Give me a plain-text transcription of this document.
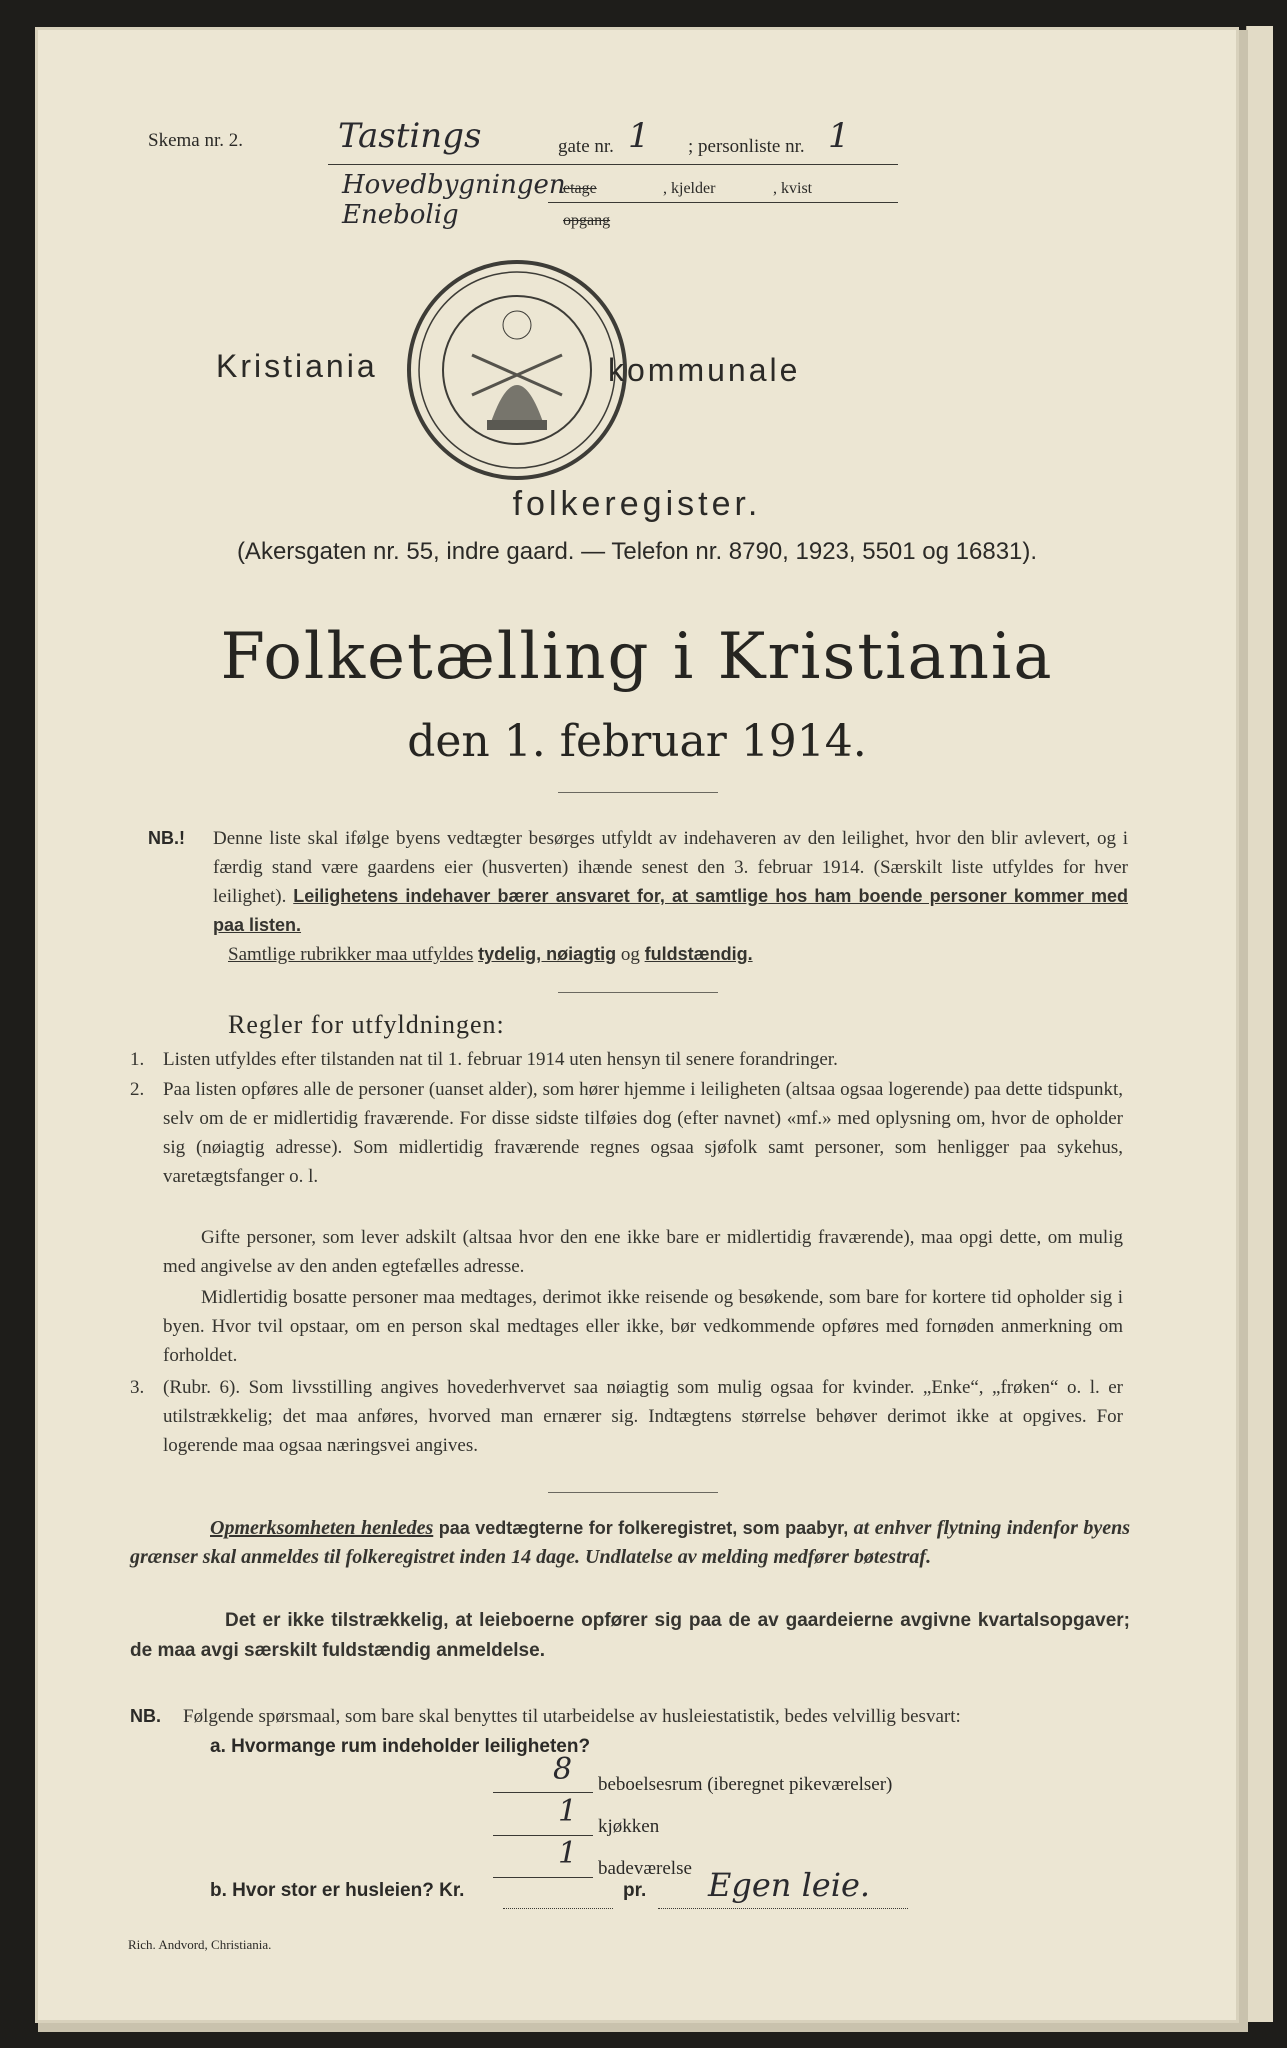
Skema nr. 2.	Tastings	gate nr. 1 ; personliste nr. 1
Hovedbygningen
Enebolig
etage	, kjelder	, kvist
opgang
Kristiania	kommunale
folkeregister.
(Akersgaten nr. 55, indre gaard. — Telefon nr. 8790, 1923, 5501 og 16831).
Folketælling i Kristiania
den 1. februar 1914.
NB.! Denne liste skal ifølge byens vedtægter besørges utfyldt av indehaveren av den leilighet, hvor den blir avlevert, og i færdig stand være gaardens eier (husverten) ihænde senest den 3. februar 1914. (Særskilt liste utfyldes for hver leilighet). Leilighetens indehaver bærer ansvaret for, at samtlige hos ham boende personer kommer med paa listen.
Samtlige rubrikker maa utfyldes tydelig, nøiagtig og fuldstændig.
Regler for utfyldningen:
1. Listen utfyldes efter tilstanden nat til 1. februar 1914 uten hensyn til senere forandringer.
2. Paa listen opføres alle de personer (uanset alder), som hører hjemme i leiligheten (altsaa ogsaa logerende) paa dette tidspunkt, selv om de er midlertidig fraværende. For disse sidste tilføies dog (efter navnet) «mf.» med oplysning om, hvor de opholder sig (nøiagtig adresse). Som midlertidig fraværende regnes ogsaa sjøfolk samt personer, som henligger paa sykehus, varetægtsfanger o. l.
Gifte personer, som lever adskilt (altsaa hvor den ene ikke bare er midlertidig fraværende), maa opgi dette, om mulig med angivelse av den anden egtefælles adresse.
Midlertidig bosatte personer maa medtages, derimot ikke reisende og besøkende, som bare for kortere tid opholder sig i byen. Hvor tvil opstaar, om en person skal medtages eller ikke, bør vedkommende opføres med fornøden anmerkning om forholdet.
3. (Rubr. 6). Som livsstilling angives hovederhvervet saa nøiagtig som mulig ogsaa for kvinder. „Enke“, „frøken“ o. l. er utilstrækkelig; det maa anføres, hvorved man ernærer sig. Indtægtens størrelse behøver derimot ikke at opgives. For logerende maa ogsaa næringsvei angives.
Opmerksomheten henledes paa vedtægterne for folkeregistret, som paabyr, at enhver flytning indenfor byens grænser skal anmeldes til folkeregistret inden 14 dage. Undlatelse av melding medfører bøtestraf.
Det er ikke tilstrækkelig, at leieboerne opfører sig paa de av gaardeierne avgivne kvartalsopgaver; de maa avgi særskilt fuldstændig anmeldelse.
NB. Følgende spørsmaal, som bare skal benyttes til utarbeidelse av husleiestatistik, bedes velvillig besvart:
a. Hvormange rum indeholder leiligheten?
8 beboelsesrum (iberegnet pikeværelser)
1 kjøkken
1 badeværelse
b. Hvor stor er husleien? Kr.	pr. Egen leie.
Rich. Andvord, Christiania.
